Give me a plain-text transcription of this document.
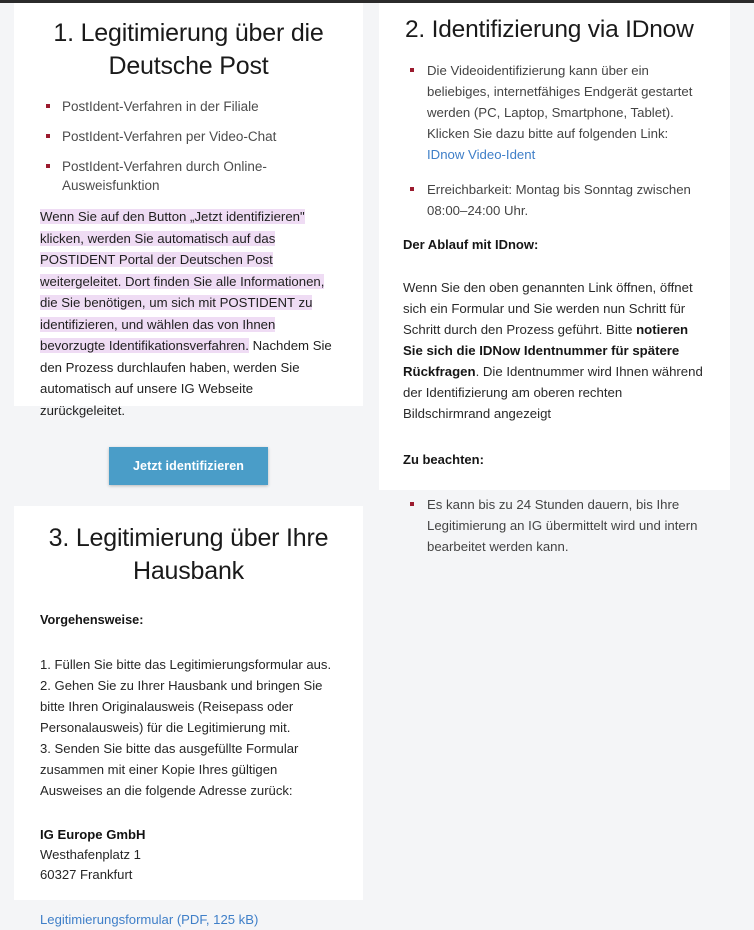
1. Legitimierung über die Deutsche Post
PostIdent-Verfahren in der Filiale
PostIdent-Verfahren per Video-Chat
PostIdent-Verfahren durch Online-Ausweisfunktion

Wenn Sie auf den Button „Jetzt identifizieren" klicken, werden Sie automatisch auf das POSTIDENT Portal der Deutschen Post weitergeleitet. Dort finden Sie alle Informationen, die Sie benötigen, um sich mit POSTIDENT zu identifizieren, und wählen das von Ihnen bevorzugte Identifikationsverfahren. Nachdem Sie den Prozess durchlaufen haben, werden Sie automatisch auf unsere IG Webseite zurückgeleitet.

Jetzt identifizieren
2. Identifizierung via IDnow
Die Videoidentifizierung kann über ein beliebiges, internetfähiges Endgerät gestartet werden (PC, Laptop, Smartphone, Tablet). Klicken Sie dazu bitte auf folgenden Link: IDnow Video-Ident
Erreichbarkeit: Montag bis Sonntag zwischen 08:00–24:00 Uhr.

Der Ablauf mit IDnow:

Wenn Sie den oben genannten Link öffnen, öffnet sich ein Formular und Sie werden nun Schritt für Schritt durch den Prozess geführt. Bitte notieren Sie sich die IDNow Identnummer für spätere Rückfragen. Die Identnummer wird Ihnen während der Identifizierung am oberen rechten Bildschirmrand angezeigt

Zu beachten:

Es kann bis zu 24 Stunden dauern, bis Ihre Legitimierung an IG übermittelt wird und intern bearbeitet werden kann.
3. Legitimierung über Ihre Hausbank

Vorgehensweise:

1. Füllen Sie bitte das Legitimierungsformular aus.
2. Gehen Sie zu Ihrer Hausbank und bringen Sie bitte Ihren Originalausweis (Reisepass oder Personalausweis) für die Legitimierung mit.
3. Senden Sie bitte das ausgefüllte Formular zusammen mit einer Kopie Ihres gültigen Ausweises an die folgende Adresse zurück:
IG Europe GmbH
Westhafenplatz 1
60327 Frankfurt
Legitimierungsformular (PDF, 125 kB)
